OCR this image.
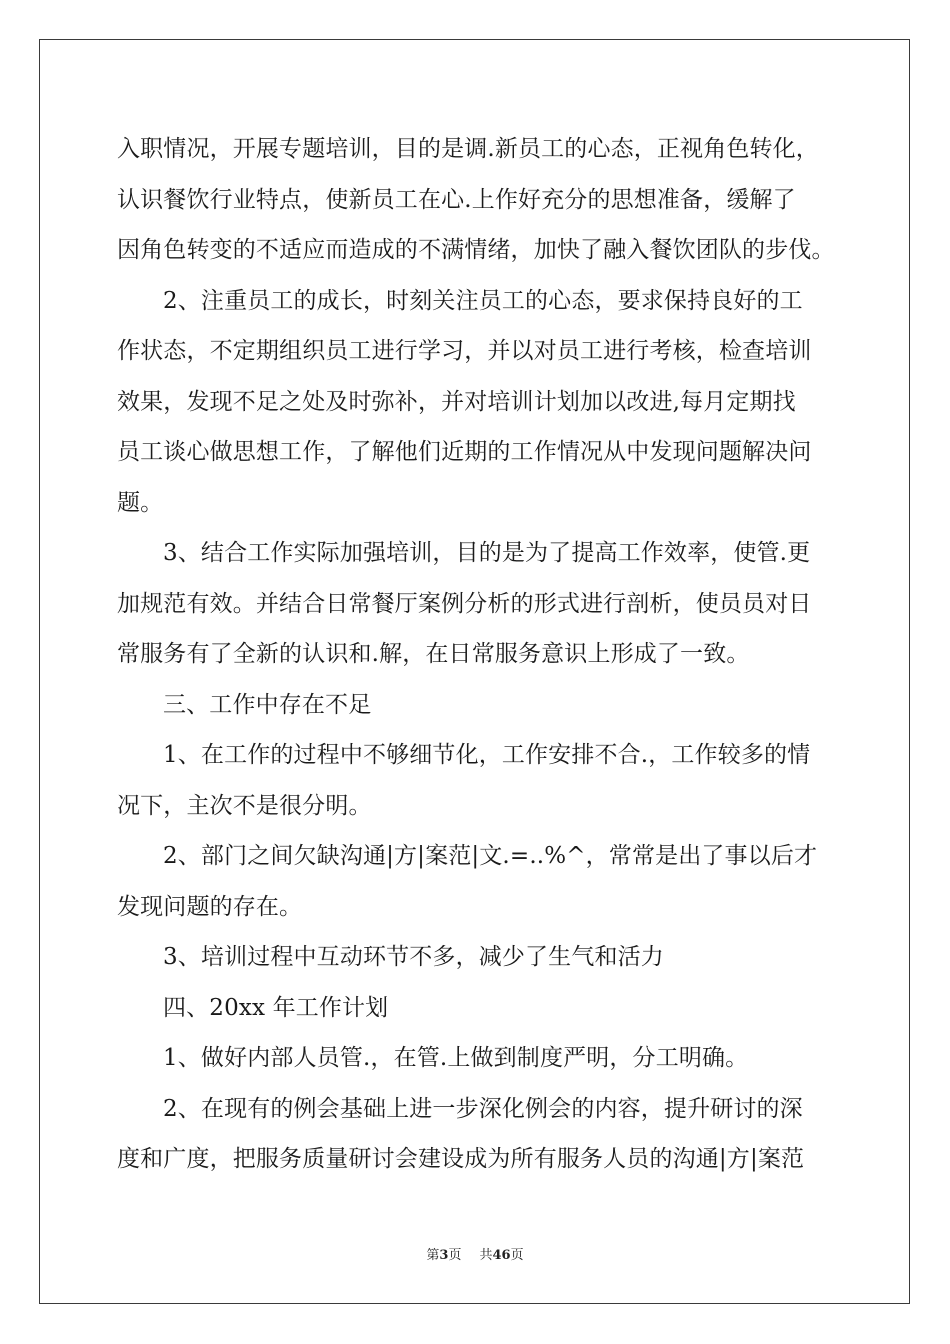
入职情况，开展专题培训，目的是调.新员工的心态，正视角色转化，
认识餐饮行业特点，使新员工在心.上作好充分的思想准备，缓解了
因角色转变的不适应而造成的不满情绪，加快了融入餐饮团队的步伐。
2、注重员工的成长，时刻关注员工的心态，要求保持良好的工
作状态，不定期组织员工进行学习，并以对员工进行考核，检查培训
效果，发现不足之处及时弥补，并对培训计划加以改进,每月定期找
员工谈心做思想工作，了解他们近期的工作情况从中发现问题解决问
题。
3、结合工作实际加强培训，目的是为了提高工作效率，使管.更
加规范有效。并结合日常餐厅案例分析的形式进行剖析，使员员对日
常服务有了全新的认识和.解，在日常服务意识上形成了一致。
三、工作中存在不足
1、在工作的过程中不够细节化，工作安排不合.，工作较多的情
况下，主次不是很分明。
2、部门之间欠缺沟通|方|案范|文.=..%^，常常是出了事以后才
发现问题的存在。
3、培训过程中互动环节不多，减少了生气和活力
四、20xx 年工作计划
1、做好内部人员管.，在管.上做到制度严明，分工明确。
2、在现有的例会基础上进一步深化例会的内容，提升研讨的深
度和广度，把服务质量研讨会建设成为所有服务人员的沟通|方|案范
第3页 共46页
